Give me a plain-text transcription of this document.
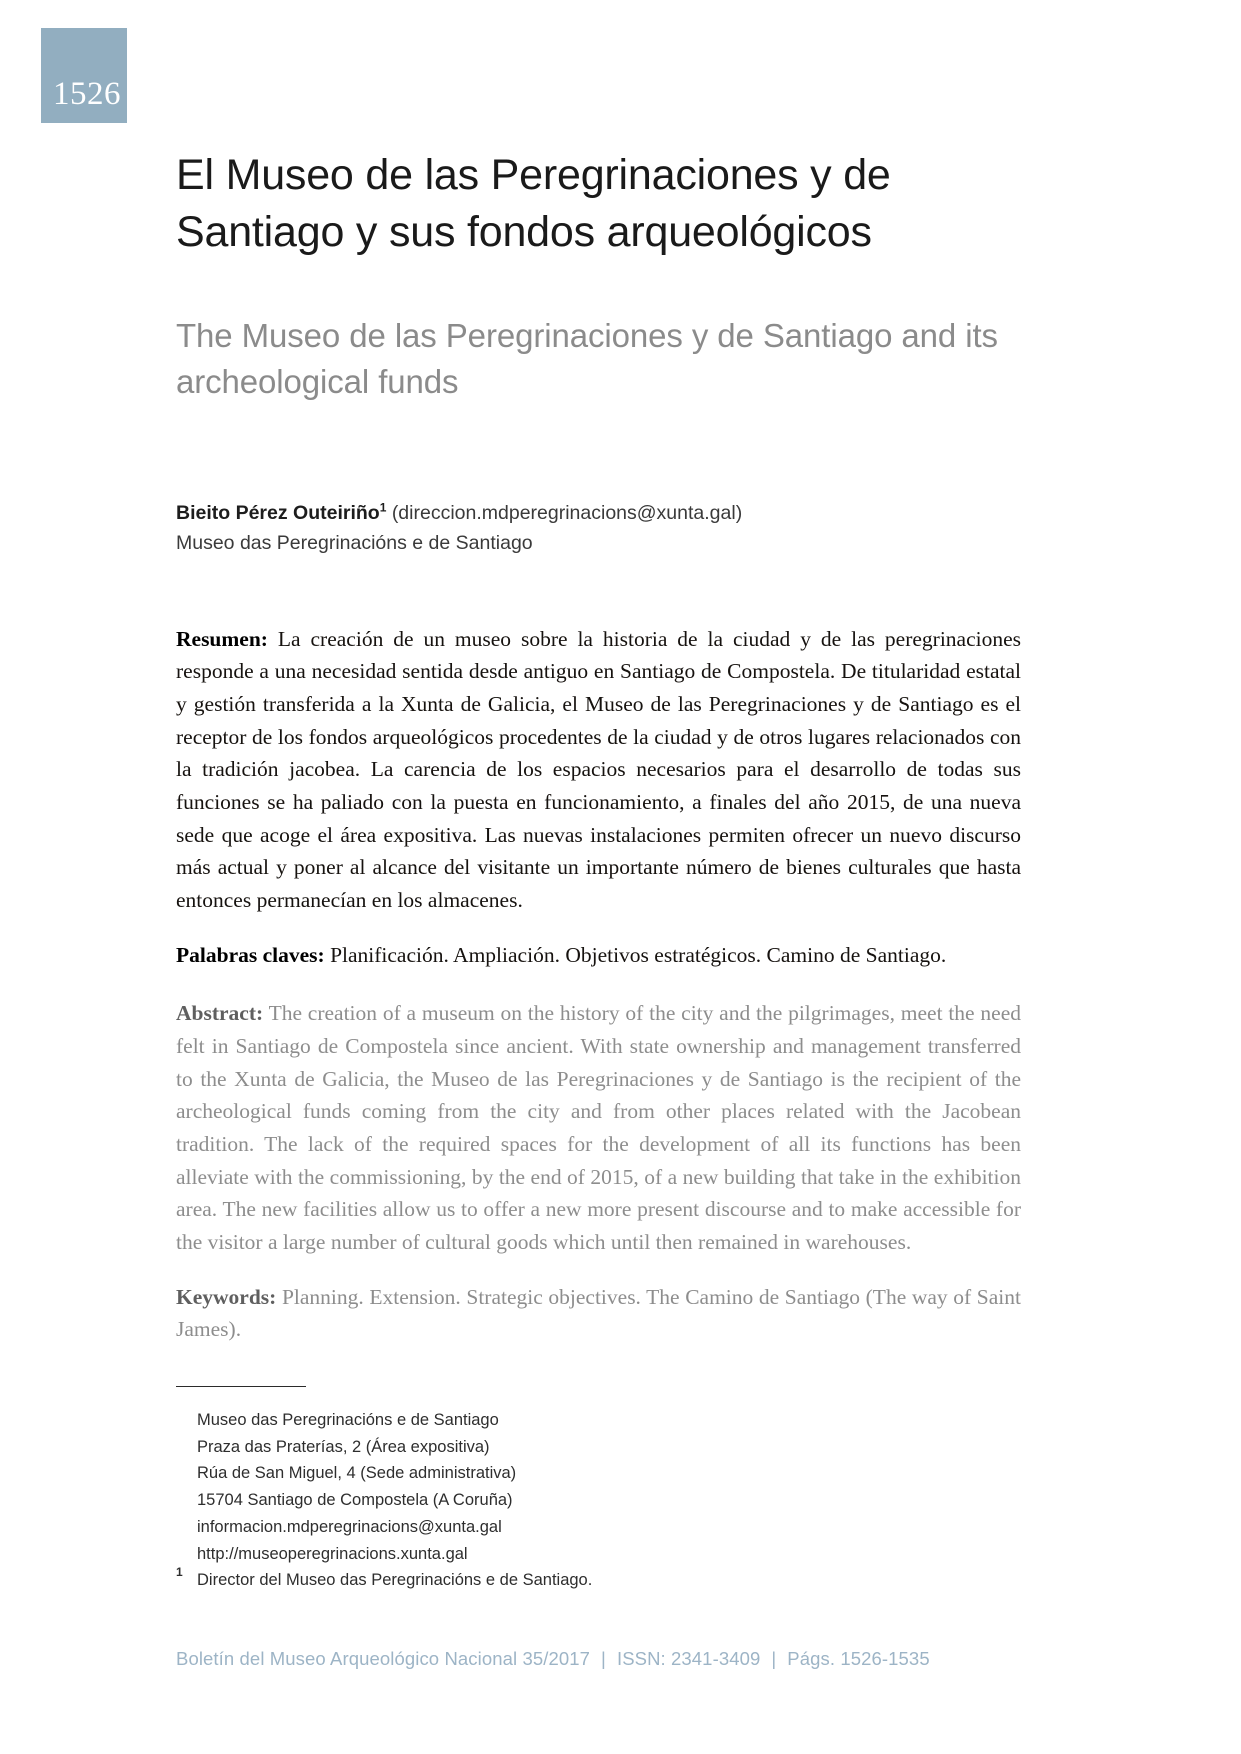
1526
El Museo de las Peregrinaciones y de Santiago y sus fondos arqueológicos
The Museo de las Peregrinaciones y de Santiago and its archeological funds
Bieito Pérez Outeiriño$^1$ (direccion.mdperegrinacions@xunta.gal)
Museo das Peregrinacións e de Santiago

Resumen: La creación de un museo sobre la historia de la ciudad y de las peregrinaciones responde a una necesidad sentida desde antiguo en Santiago de Compostela. De titularidad estatal y gestión transferida a la Xunta de Galicia, el Museo de las Peregrinaciones y de Santiago es el receptor de los fondos arqueológicos procedentes de la ciudad y de otros lugares relacionados con la tradición jacobea. La carencia de los espacios necesarios para el desarrollo de todas sus funciones se ha paliado con la puesta en funcionamiento, a finales del año 2015, de una nueva sede que acoge el área expositiva. Las nuevas instalaciones permiten ofrecer un nuevo discurso más actual y poner al alcance del visitante un importante número de bienes culturales que hasta entonces permanecían en los almacenes.

Palabras claves: Planificación. Ampliación. Objetivos estratégicos. Camino de Santiago.

Abstract: The creation of a museum on the history of the city and the pilgrimages, meet the need felt in Santiago de Compostela since ancient. With state ownership and management transferred to the Xunta de Galicia, the Museo de las Peregrinaciones y de Santiago is the recipient of the archeological funds coming from the city and from other places related with the Jacobean tradition. The lack of the required spaces for the development of all its functions has been alleviate with the commissioning, by the end of 2015, of a new building that take in the exhibition area. The new facilities allow us to offer a new more present discourse and to make accessible for the visitor a large number of cultural goods which until then remained in warehouses.

Keywords: Planning. Extension. Strategic objectives. The Camino de Santiago (The way of Saint James).

Museo das Peregrinacións e de Santiago
Praza das Praterías, 2 (Área expositiva)
Rúa de San Miguel, 4 (Sede administrativa)
15704 Santiago de Compostela (A Coruña)
informacion.mdperegrinacions@xunta.gal
http://museoperegrinacions.xunta.gal
1 Director del Museo das Peregrinacións e de Santiago.
Boletín del Museo Arqueológico Nacional 35/2017 | ISSN: 2341-3409 | Págs. 1526-1535
